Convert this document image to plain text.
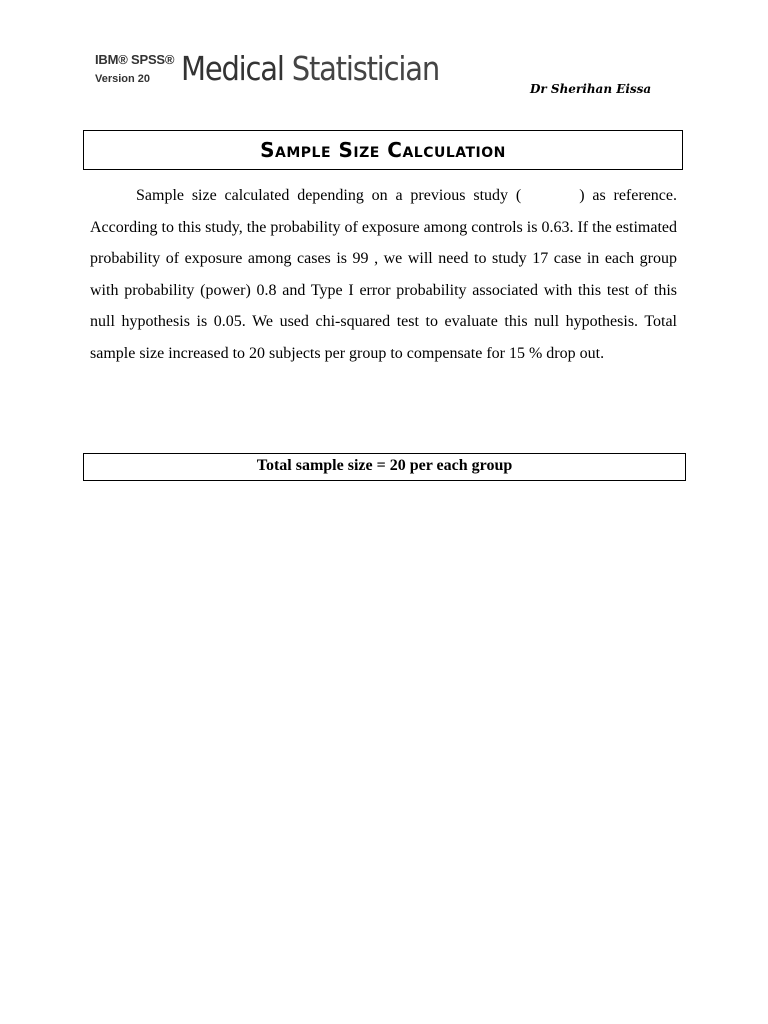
IBM® SPSS®
Version 20 Medical Statistician
Dr Sherihan Eissa
Sample Size Calculation

Sample size calculated depending on a previous study (	) as reference. According to this study, the probability of exposure among controls is 0.63. If the estimated probability of exposure among cases is 99 , we will need to study 17 case in each group with probability (power) 0.8 and Type I error probability associated with this test of this null hypothesis is 0.05. We used chi-squared test to evaluate this null hypothesis. Total sample size increased to 20 subjects per group to compensate for 15 % drop out.

Total sample size = 20 per each group
